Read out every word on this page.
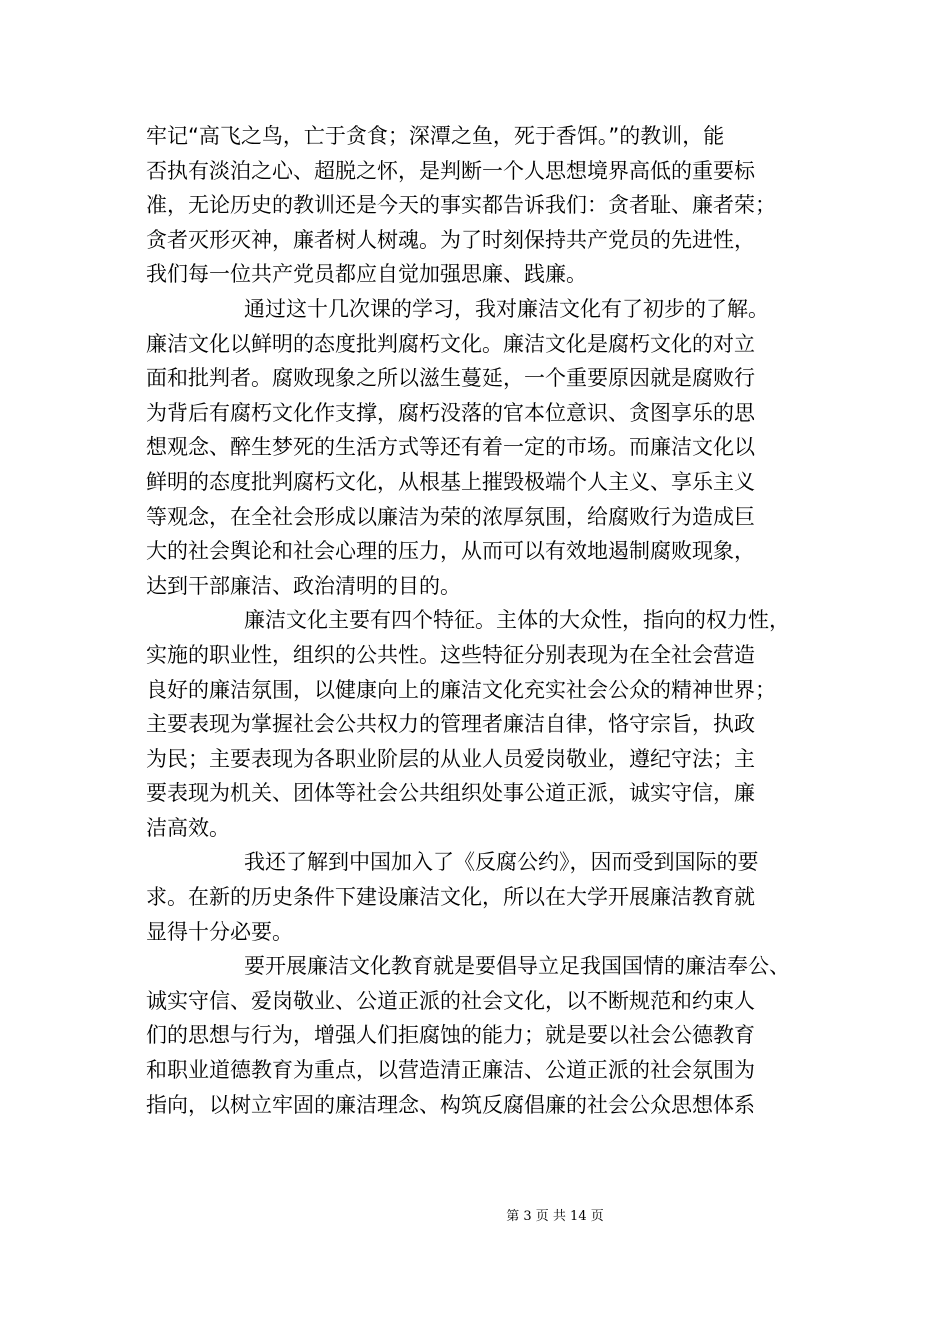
牢记“高飞之鸟，亡于贪食；深潭之鱼，死于香饵。”的教训，能
否执有淡泊之心、超脱之怀，是判断一个人思想境界高低的重要标
准，无论历史的教训还是今天的事实都告诉我们：贪者耻、廉者荣；
贪者灭形灭神，廉者树人树魂。为了时刻保持共产党员的先进性，
我们每一位共产党员都应自觉加强思廉、践廉。
通过这十几次课的学习，我对廉洁文化有了初步的了解。
廉洁文化以鲜明的态度批判腐朽文化。廉洁文化是腐朽文化的对立
面和批判者。腐败现象之所以滋生蔓延，一个重要原因就是腐败行
为背后有腐朽文化作支撑，腐朽没落的官本位意识、贪图享乐的思
想观念、醉生梦死的生活方式等还有着一定的市场。而廉洁文化以
鲜明的态度批判腐朽文化，从根基上摧毁极端个人主义、享乐主义
等观念，在全社会形成以廉洁为荣的浓厚氛围，给腐败行为造成巨
大的社会舆论和社会心理的压力，从而可以有效地遏制腐败现象，
达到干部廉洁、政治清明的目的。
廉洁文化主要有四个特征。主体的大众性，指向的权力性，
实施的职业性，组织的公共性。这些特征分别表现为在全社会营造
良好的廉洁氛围，以健康向上的廉洁文化充实社会公众的精神世界；
主要表现为掌握社会公共权力的管理者廉洁自律，恪守宗旨，执政
为民；主要表现为各职业阶层的从业人员爱岗敬业，遵纪守法；主
要表现为机关、团体等社会公共组织处事公道正派，诚实守信，廉
洁高效。
我还了解到中国加入了《反腐公约》，因而受到国际的要
求。在新的历史条件下建设廉洁文化，所以在大学开展廉洁教育就
显得十分必要。
要开展廉洁文化教育就是要倡导立足我国国情的廉洁奉公、
诚实守信、爱岗敬业、公道正派的社会文化，以不断规范和约束人
们的思想与行为，增强人们拒腐蚀的能力；就是要以社会公德教育
和职业道德教育为重点，以营造清正廉洁、公道正派的社会氛围为
指向，以树立牢固的廉洁理念、构筑反腐倡廉的社会公众思想体系
第 3 页 共 14 页
